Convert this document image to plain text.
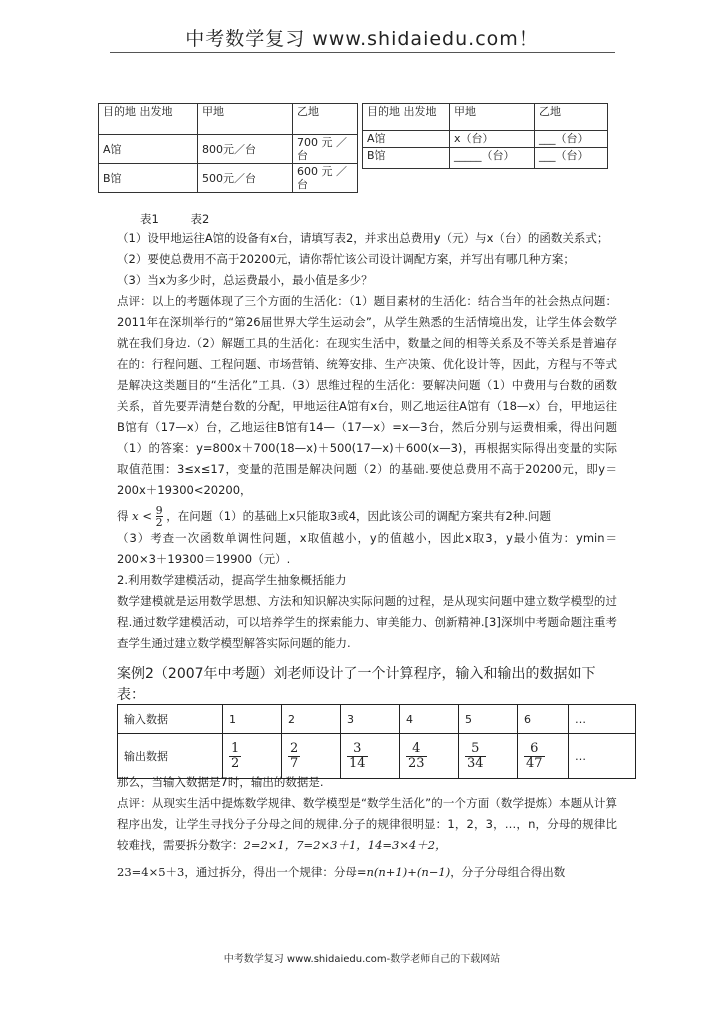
中考数学复习 www.shidaiedu.com！
目的地 出发地	甲地	乙地
A馆	800元／台	700 元 ／ 台
B馆	500元／台	600 元 ／ 台
目的地 出发地	甲地	乙地
A馆	x（台）	___（台）
B馆	_____（台）	___（台）
表1	表2
（1）设甲地运往A馆的设备有x台，请填写表2，并求出总费用y（元）与x（台）的函数关系式；
（2）要使总费用不高于20200元，请你帮忙该公司设计调配方案，并写出有哪几种方案；
（3）当x为多少时，总运费最小，最小值是多少？
点评：以上的考题体现了三个方面的生活化：（1）题目素材的生活化：结合当年的社会热点问题：2011年在深圳举行的“第26届世界大学生运动会”，从学生熟悉的生活情境出发，让学生体会数学就在我们身边.（2）解题工具的生活化：在现实生活中，数量之间的相等关系及不等关系是普遍存在的：行程问题、工程问题、市场营销、统筹安排、生产决策、优化设计等，因此，方程与不等式是解决这类题目的“生活化”工具.（3）思维过程的生活化：要解决问题（1）中费用与台数的函数关系，首先要弄清楚台数的分配，甲地运往A馆有x台，则乙地运往A馆有（18—x）台，甲地运往B馆有（17—x）台，乙地运往B馆有14—（17—x）=x—3台，然后分别与运费相乘，得出问题（1）的答案：y=800x＋700(18—x)＋500(17—x)＋600(x—3)，再根据实际得出变量的实际取值范围：3≤x≤17，变量的范围是解决问题（2）的基础.要使总费用不高于20200元，即y＝200x＋19300<20200，
得 $x < \frac{9}{2}$ ，在问题（1）的基础上x只能取3或4，因此该公司的调配方案共有2种.问题
（3）考查一次函数单调性问题，x取值越小，y的值越小，因此x取3，y最小值为：ymin＝200×3＋19300＝19900（元）.
2.利用数学建模活动，提高学生抽象概括能力
数学建模就是运用数学思想、方法和知识解决实际问题的过程，是从现实问题中建立数学模型的过程.通过数学建模活动，可以培养学生的探索能力、审美能力、创新精神.[3]深圳中考题命题注重考查学生通过建立数学模型解答实际问题的能力.
案例2（2007年中考题）刘老师设计了一个计算程序，输入和输出的数据如下表：
输入数据	1	2	3	4	5	6	…
输出数据	$\frac{1}{2}$	$\frac{2}{7}$	$\frac{3}{14}$	$\frac{4}{23}$	$\frac{5}{34}$	$\frac{6}{47}$	…
那么，当输入数据是7时，输出的数据是.
点评：从现实生活中提炼数学规律、数学模型是“数学生活化”的一个方面（数学提炼）本题从计算程序出发，让学生寻找分子分母之间的规律.分子的规律很明显：1，2，3，…，n，分母的规律比较难找，需要拆分数字：2=2×1，7=2×3＋1，14=3×4＋2，
23=4×5＋3，通过拆分，得出一个规律：分母=n(n+1)+(n−1)，分子分母组合得出数
中考数学复习 www.shidaiedu.com-数学老师自己的下载网站
